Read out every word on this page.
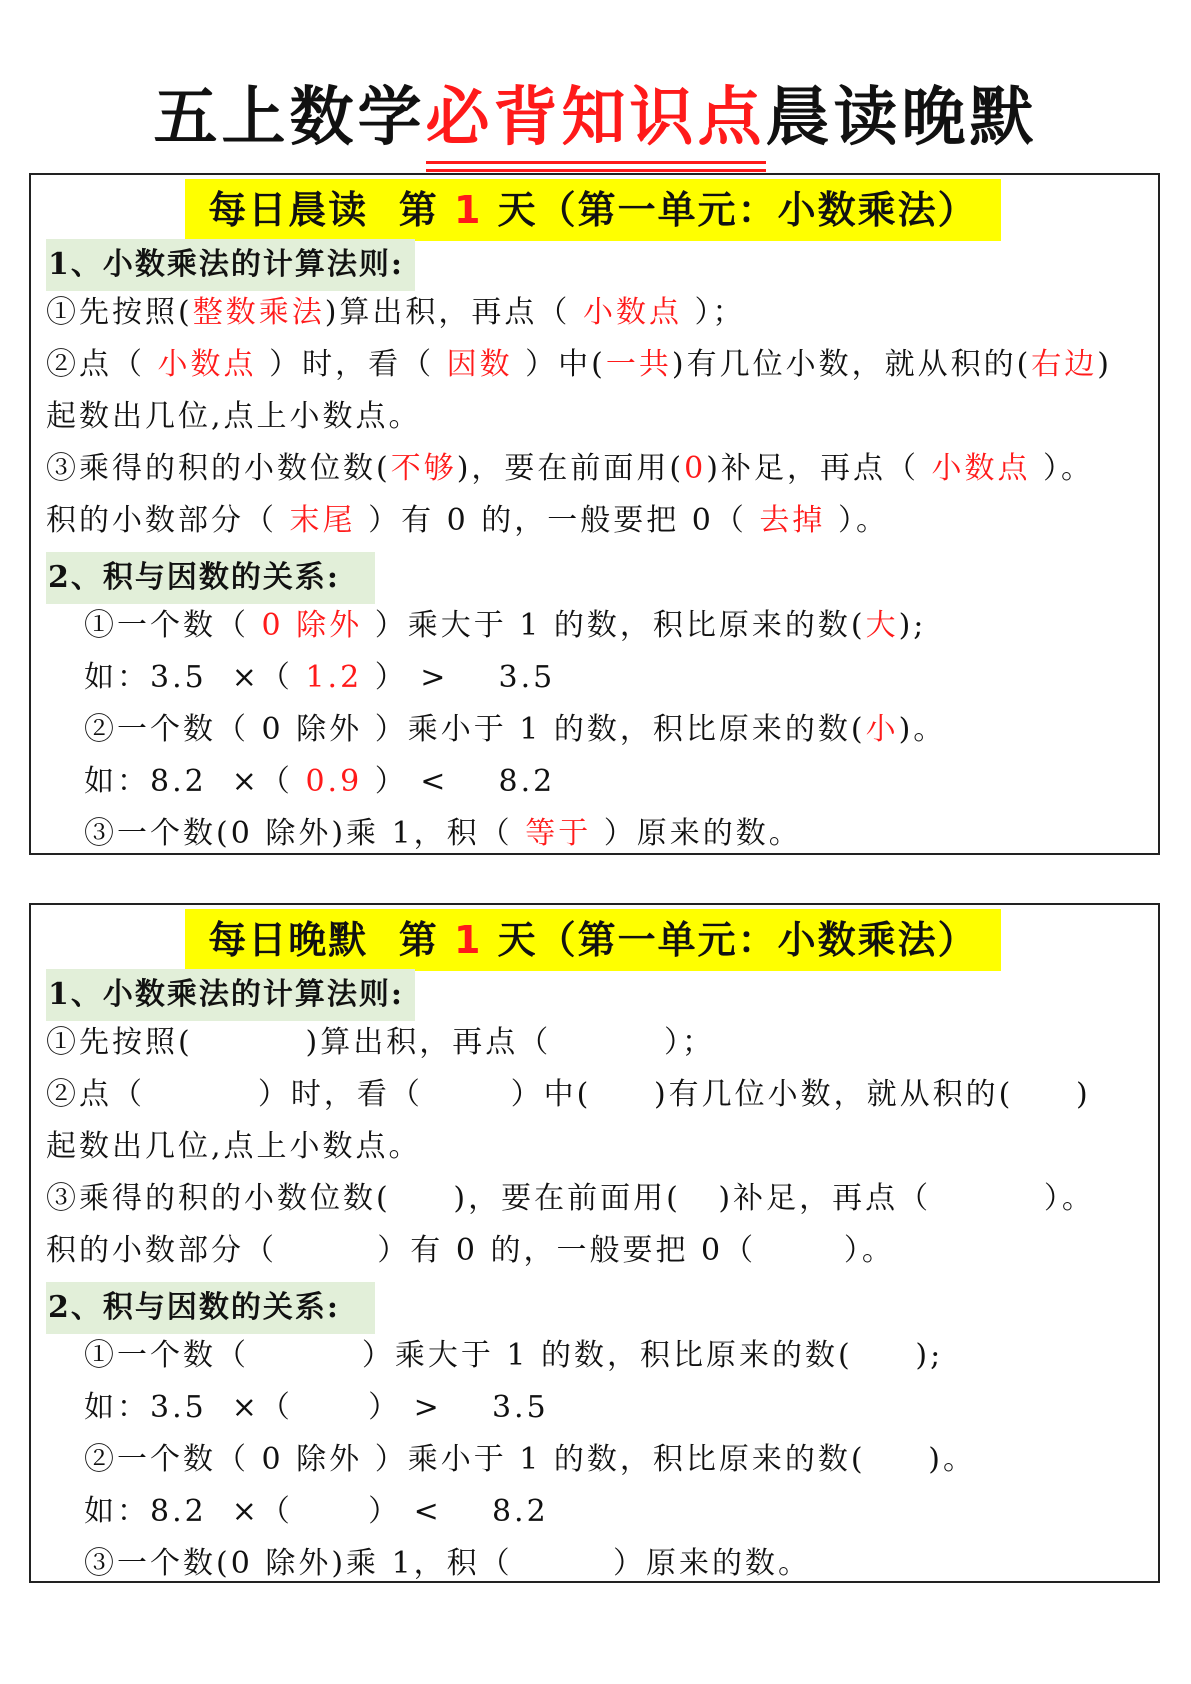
五上数学必背知识点晨读晚默
每日晨读  第 1 天（第一单元：小数乘法）
1、小数乘法的计算法则:
2、积与因数的关系:
①先按照(整数乘法)算出积，再点（ 小数点 ）；
②点（ 小数点 ）时，看（ 因数 ）中(一共)有几位小数，就从积的(右边)
起数出几位,点上小数点。
③乘得的积的小数位数(不够)，要在前面用(0)补足，再点（ 小数点 ）。
积的小数部分（ 末尾 ）有 0 的，一般要把 0（ 去掉 ）。
①一个数（ 0 除外 ）乘大于 1 的数，积比原来的数(大);
如：3.5  ×（ 1.2 ） >    3.5
②一个数（ 0 除外 ）乘小于 1 的数，积比原来的数(小)。
如：8.2  ×（ 0.9 ） <    8.2
③一个数(0 除外)乘 1，积（ 等于 ）原来的数。
每日晚默  第 1 天（第一单元：小数乘法）
1、小数乘法的计算法则:
2、积与因数的关系:
①先按照(         )算出积，再点（         ）；
②点（         ）时，看（       ）中(     )有几位小数，就从积的(     )
起数出几位,点上小数点。
③乘得的积的小数位数(     )，要在前面用(   )补足，再点（         ）。
积的小数部分（        ）有 0 的，一般要把 0（       ）。
①一个数（         ）乘大于 1 的数，积比原来的数(     );
如：3.5  ×（      ） >    3.5
②一个数（ 0 除外 ）乘小于 1 的数，积比原来的数(     )。
如：8.2  ×（      ） <    8.2
③一个数(0 除外)乘 1，积（        ）原来的数。
